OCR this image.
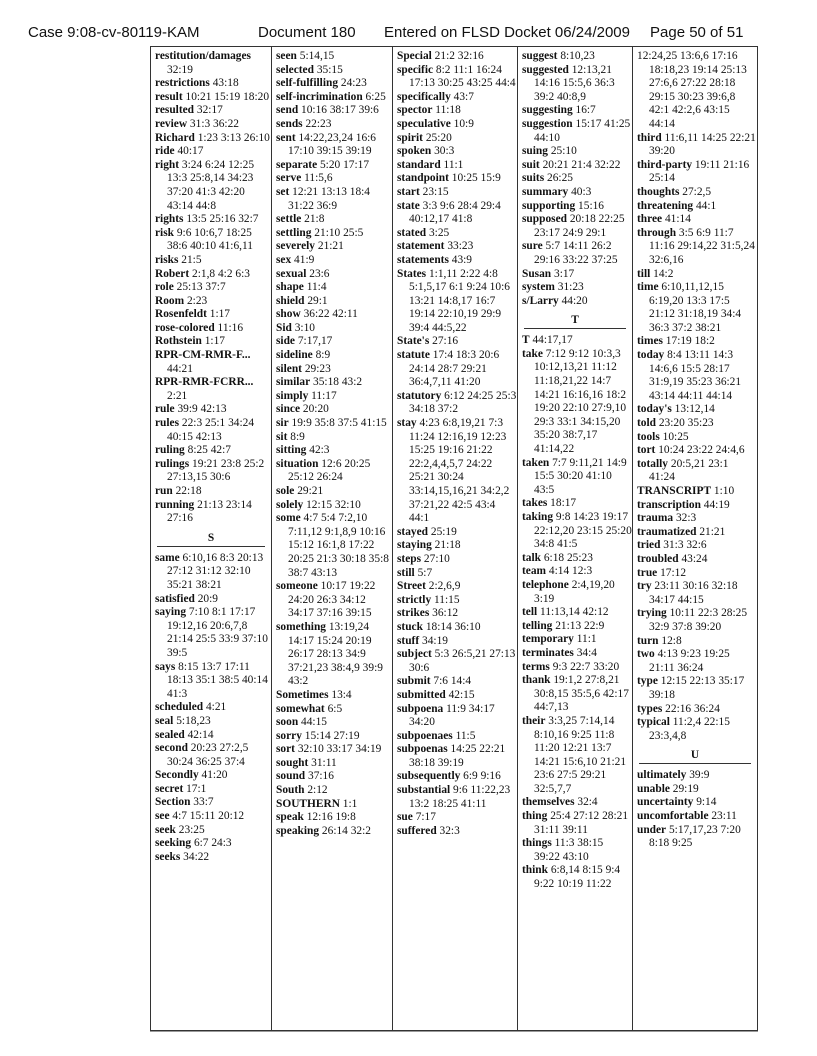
Case 9:08-cv-80119-KAM	Document 180 Entered on FLSD Docket 06/24/2009 Page 50 of 51
restitution/damages 32:19
restrictions 43:18
result 10:21 15:19 18:20
resulted 32:17
review 31:3 36:22
Richard 1:23 3:13 26:10
ride 40:17
right 3:24 6:24 12:25 13:3 25:8,14 34:23 37:20 41:3 42:20 43:14 44:8
rights 13:5 25:16 32:7
risk 9:6 10:6,7 18:25 38:6 40:10 41:6,11
risks 21:5
Robert 2:1,8 4:2 6:3
role 25:13 37:7
Room 2:23
Rosenfeldt 1:17
rose-colored 11:16
Rothstein 1:17
RPR-CM-RMR-F... 44:21
RPR-RMR-FCRR... 2:21
rule 39:9 42:13
rules 22:3 25:1 34:24 40:15 42:13
ruling 8:25 42:7
rulings 19:21 23:8 25:2 27:13,15 30:6
run 22:18
running 21:13 23:14 27:16
S
same 6:10,16 8:3 20:13 27:12 31:12 32:10 35:21 38:21
satisfied 20:9
saying 7:10 8:1 17:17 19:12,16 20:6,7,8 21:14 25:5 33:9 37:10 39:5
says 8:15 13:7 17:11 18:13 35:1 38:5 40:14 41:3
scheduled 4:21
seal 5:18,23
sealed 42:14
second 20:23 27:2,5 30:24 36:25 37:4
Secondly 41:20
secret 17:1
Section 33:7
see 4:7 15:11 20:12
seek 23:25
seeking 6:7 24:3
seeks 34:22
seen 5:14,15
selected 35:15
self-fulfilling 24:23
self-incrimination 6:25
send 10:16 38:17 39:6
sends 22:23
sent 14:22,23,24 16:6 17:10 39:15 39:19
separate 5:20 17:17
serve 11:5,6
set 12:21 13:13 18:4 31:22 36:9
settle 21:8
settling 21:10 25:5
severely 21:21
sex 41:9
sexual 23:6
shape 11:4
shield 29:1
show 36:22 42:11
Sid 3:10
side 7:17,17
sideline 8:9
silent 29:23
similar 35:18 43:2
simply 11:17
since 20:20
sir 19:9 35:8 37:5 41:15
sit 8:9
sitting 42:3
situation 12:6 20:25 25:12 26:24
sole 29:21
solely 12:15 32:10
some 4:7 5:4 7:2,10 7:11,12 9:1,8,9 10:16 15:12 16:1,8 17:22 20:25 21:3 30:18 35:8 38:7 43:13
someone 10:17 19:22 24:20 26:3 34:12 34:17 37:16 39:15
something 13:19,24 14:17 15:24 20:19 26:17 28:13 34:9 37:21,23 38:4,9 39:9 43:2
Sometimes 13:4
somewhat 6:5
soon 44:15
sorry 15:14 27:19
sort 32:10 33:17 34:19
sought 31:11
sound 37:16
South 2:12
SOUTHERN 1:1
speak 12:16 19:8
speaking 26:14 32:2
Special 21:2 32:16
specific 8:2 11:1 16:24 17:13 30:25 43:25 44:4
specifically 43:7
spector 11:18
speculative 10:9
spirit 25:20
spoken 30:3
standard 11:1
standpoint 10:25 15:9
start 23:15
state 3:3 9:6 28:4 29:4 40:12,17 41:8
stated 3:25
statement 33:23
statements 43:9
States 1:1,11 2:22 4:8 5:1,5,17 6:1 9:24 10:6 13:21 14:8,17 16:7 19:14 22:10,19 29:9 39:4 44:5,22
State's 27:16
statute 17:4 18:3 20:6 24:14 28:7 29:21 36:4,7,11 41:20
statutory 6:12 24:25 25:3 34:18 37:2
stay 4:23 6:8,19,21 7:3 11:24 12:16,19 12:23 15:25 19:16 21:22 22:2,4,4,5,7 24:22 25:21 30:24 33:14,15,16,21 34:2,2 37:21,22 42:5 43:4 44:1
stayed 25:19
staying 21:18
steps 27:10
still 5:7
Street 2:2,6,9
strictly 11:15
strikes 36:12
stuck 18:14 36:10
stuff 34:19
subject 5:3 26:5,21 27:13 30:6
submit 7:6 14:4
submitted 42:15
subpoena 11:9 34:17 34:20
subpoenaes 11:5
subpoenas 14:25 22:21 38:18 39:19
subsequently 6:9 9:16
substantial 9:6 11:22,23 13:2 18:25 41:11
sue 7:17
suffered 32:3
suggest 8:10,23
suggested 12:13,21 14:16 15:5,6 36:3 39:2 40:8,9
suggesting 16:7
suggestion 15:17 41:25 44:10
suing 25:10
suit 20:21 21:4 32:22
suits 26:25
summary 40:3
supporting 15:16
supposed 20:18 22:25 23:17 24:9 29:1
sure 5:7 14:11 26:2 29:16 33:22 37:25
Susan 3:17
system 31:23
s/Larry 44:20
T
T 44:17,17
take 7:12 9:12 10:3,3 10:12,13,21 11:12 11:18,21,22 14:7 14:21 16:16,16 18:2 19:20 22:10 27:9,10 29:3 33:1 34:15,20 35:20 38:7,17 41:14,22
taken 7:7 9:11,21 14:9 15:5 30:20 41:10 43:5
takes 18:17
taking 9:8 14:23 19:17 22:12,20 23:15 25:20 34:8 41:5
talk 6:18 25:23
team 4:14 12:3
telephone 2:4,19,20 3:19
tell 11:13,14 42:12
telling 21:13 22:9
temporary 11:1
terminates 34:4
terms 9:3 22:7 33:20
thank 19:1,2 27:8,21 30:8,15 35:5,6 42:17 44:7,13
their 3:3,25 7:14,14 8:10,16 9:25 11:8 11:20 12:21 13:7 14:21 15:6,10 21:21 23:6 27:5 29:21 32:5,7,7
themselves 32:4
thing 25:4 27:12 28:21 31:11 39:11
things 11:3 38:15 39:22 43:10
think 6:8,14 8:15 9:4 9:22 10:19 11:22
12:24,25 13:6,6 17:16 18:18,23 19:14 25:13 27:6,6 27:22 28:18 29:15 30:23 39:6,8 42:1 42:2,6 43:15 44:14
third 11:6,11 14:25 22:21 39:20
third-party 19:11 21:16 25:14
thoughts 27:2,5
threatening 44:1
three 41:14
through 3:5 6:9 11:7 11:16 29:14,22 31:5,24 32:6,16
till 14:2
time 6:10,11,12,15 6:19,20 13:3 17:5 21:12 31:18,19 34:4 36:3 37:2 38:21
times 17:19 18:2
today 8:4 13:11 14:3 14:6,6 15:5 28:17 31:9,19 35:23 36:21 43:14 44:11 44:14
today's 13:12,14
told 23:20 35:23
tools 10:25
tort 10:24 23:22 24:4,6
totally 20:5,21 23:1 41:24
TRANSCRIPT 1:10
transcription 44:19
trauma 32:3
traumatized 21:21
tried 31:3 32:6
troubled 43:24
true 17:12
try 23:11 30:16 32:18 34:17 44:15
trying 10:11 22:3 28:25 32:9 37:8 39:20
turn 12:8
two 4:13 9:23 19:25 21:11 36:24
type 12:15 22:13 35:17 39:18
types 22:16 36:24
typical 11:2,4 22:15 23:3,4,8
U
ultimately 39:9
unable 29:19
uncertainty 9:14
uncomfortable 23:11
under 5:17,17,23 7:20 8:18 9:25
